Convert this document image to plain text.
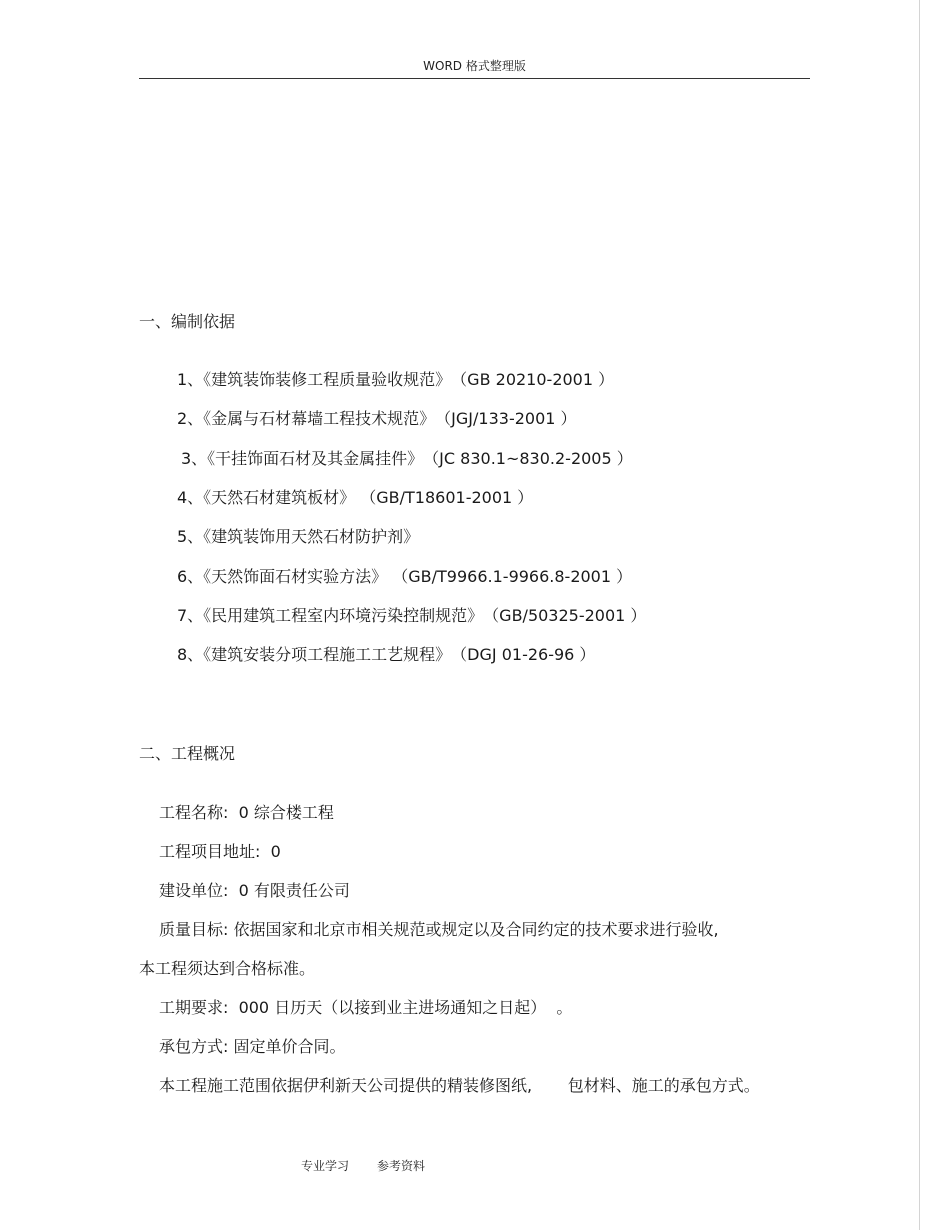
WORD 格式整理版
一、编制依据
1、《建筑装饰装修工程质量验收规范》　（GB 20210-2001 ）
2、《金属与石材幕墙工程技术规范》　（JGJ/133-2001 ）
3、《干挂饰面石材及其金属挂件》　（JC 830.1~830.2-2005 ）
4、《天然石材建筑板材》 （GB/T18601-2001 ）
5、《建筑装饰用天然石材防护剂》
6、《天然饰面石材实验方法》 （GB/T9966.1-9966.8-2001 ）
7、《民用建筑工程室内环境污染控制规范》　（GB/50325-2001 ）
8、《建筑安装分项工程施工工艺规程》　（DGJ 01-26-96 ）
二、工程概况
工程名称:  0 综合楼工程
工程项目地址:  0
建设单位:  0 有限责任公司
质量目标: 依据国家和北京市相关规范或规定以及合同约定的技术要求进行验收,
本工程须达到合格标准。
工期要求:  000 日历天（以接到业主进场通知之日起）  。
承包方式: 固定单价合同。
本工程施工范围依据伊利新天公司提供的精装修图纸,       包材料、施工的承包方式。
专业学习 参考资料
